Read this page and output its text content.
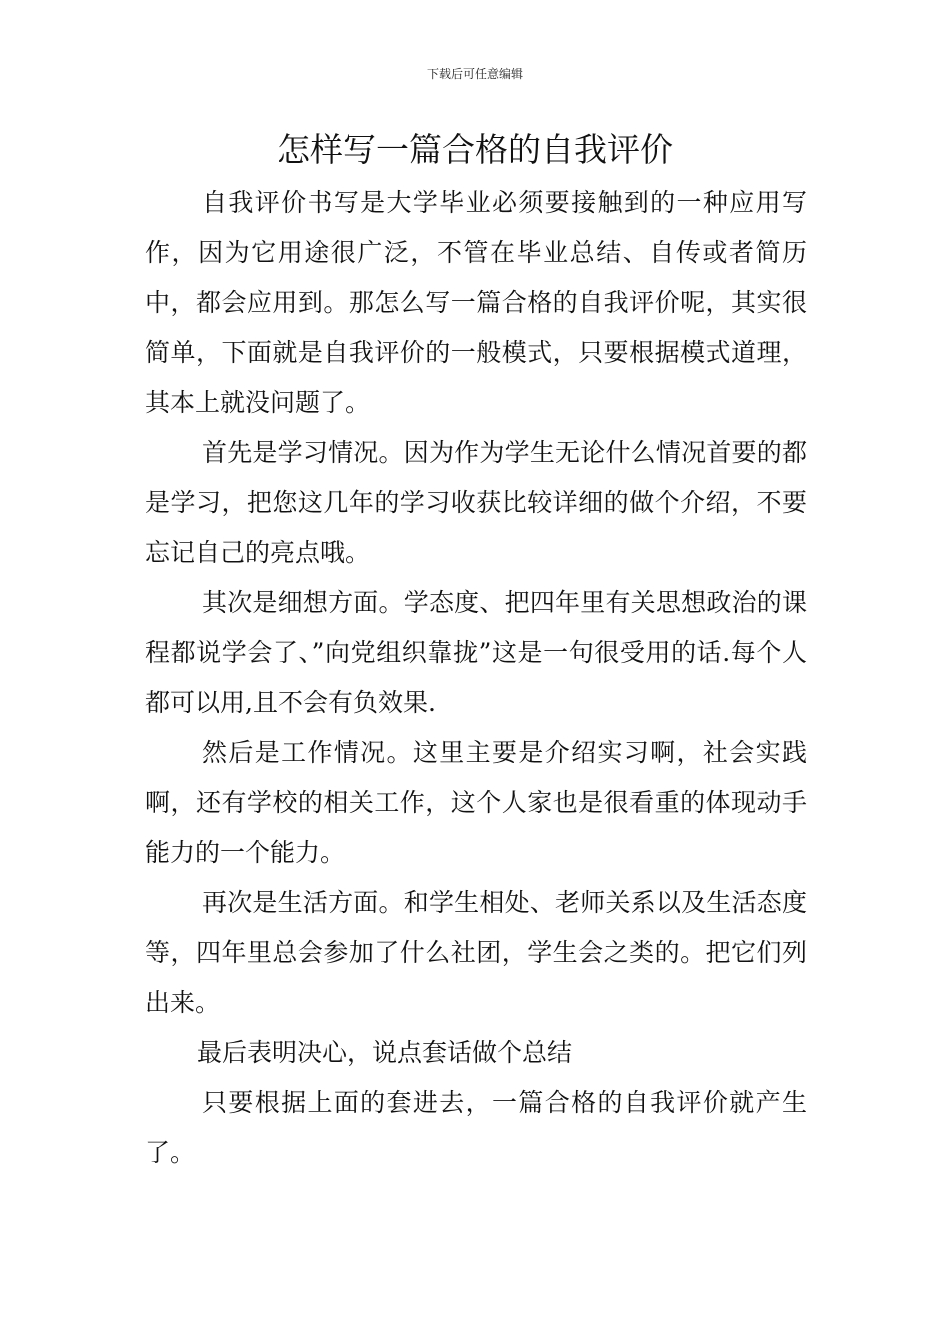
下载后可任意编辑
怎样写一篇合格的自我评价

自我评价书写是大学毕业必须要接触到的一种应用写作，因为它用途很广泛，不管在毕业总结、自传或者简历中，都会应用到。那怎么写一篇合格的自我评价呢，其实很简单，下面就是自我评价的一般模式，只要根据模式道理，其本上就没问题了。

首先是学习情况。因为作为学生无论什么情况首要的都是学习，把您这几年的学习收获比较详细的做个介绍，不要忘记自己的亮点哦。

其次是细想方面。学态度、把四年里有关思想政治的课程都说学会了、”向党组织靠拢”这是一句很受用的话.每个人都可以用,且不会有负效果.

然后是工作情况。这里主要是介绍实习啊，社会实践啊，还有学校的相关工作，这个人家也是很看重的体现动手能力的一个能力。

再次是生活方面。和学生相处、老师关系以及生活态度等，四年里总会参加了什么社团，学生会之类的。把它们列出来。

最后表明决心，说点套话做个总结

只要根据上面的套进去，一篇合格的自我评价就产生了。
